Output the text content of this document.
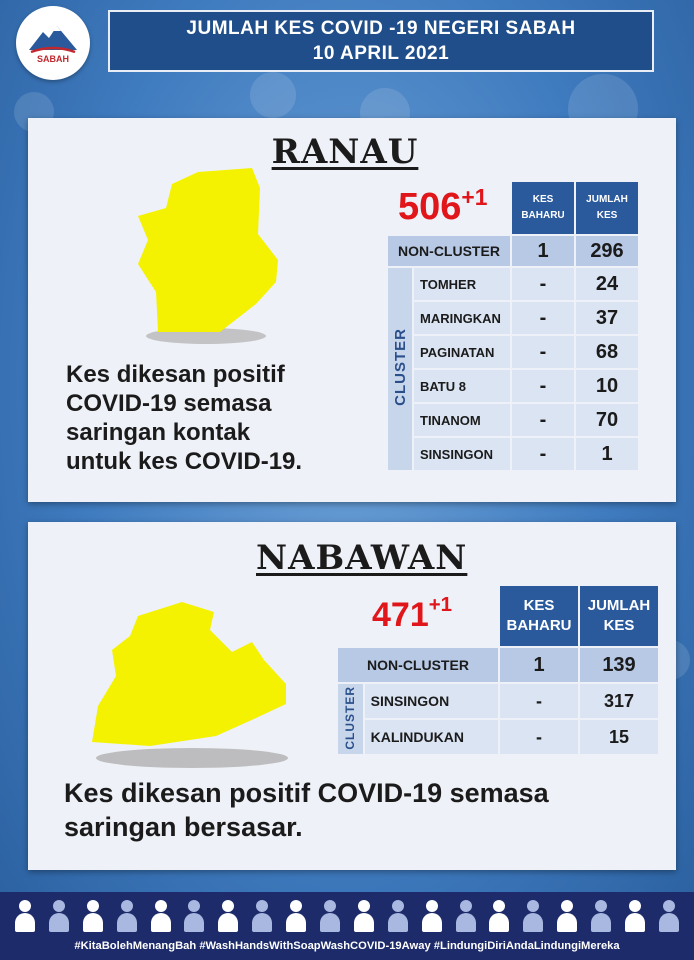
SABAH
JUMLAH KES COVID -19 NEGERI SABAH
10 APRIL 2021
RANAU
$506^{+1}$
		KES BAHARU	JUMLAH KES
NON-CLUSTER		1	296
CLUSTER	TOMHER	-	24
	MARINGKAN	-	37
	PAGINATAN	-	68
	BATU 8	-	10
	TINANOM	-	70
	SINSINGON	-	1
Kes dikesan positif
COVID-19 semasa
saringan kontak
untuk kes COVID-19.
NABAWAN
$471^{+1}$
		KES BAHARU	JUMLAH KES
NON-CLUSTER		1	139
CLUSTER	SINSINGON	-	317
	KALINDUKAN	-	15
Kes dikesan positif COVID-19 semasa
saringan bersasar.
#KitaBolehMenangBah #WashHandsWithSoapWashCOVID-19Away #LindungiDiriAndaLindungiMereka
